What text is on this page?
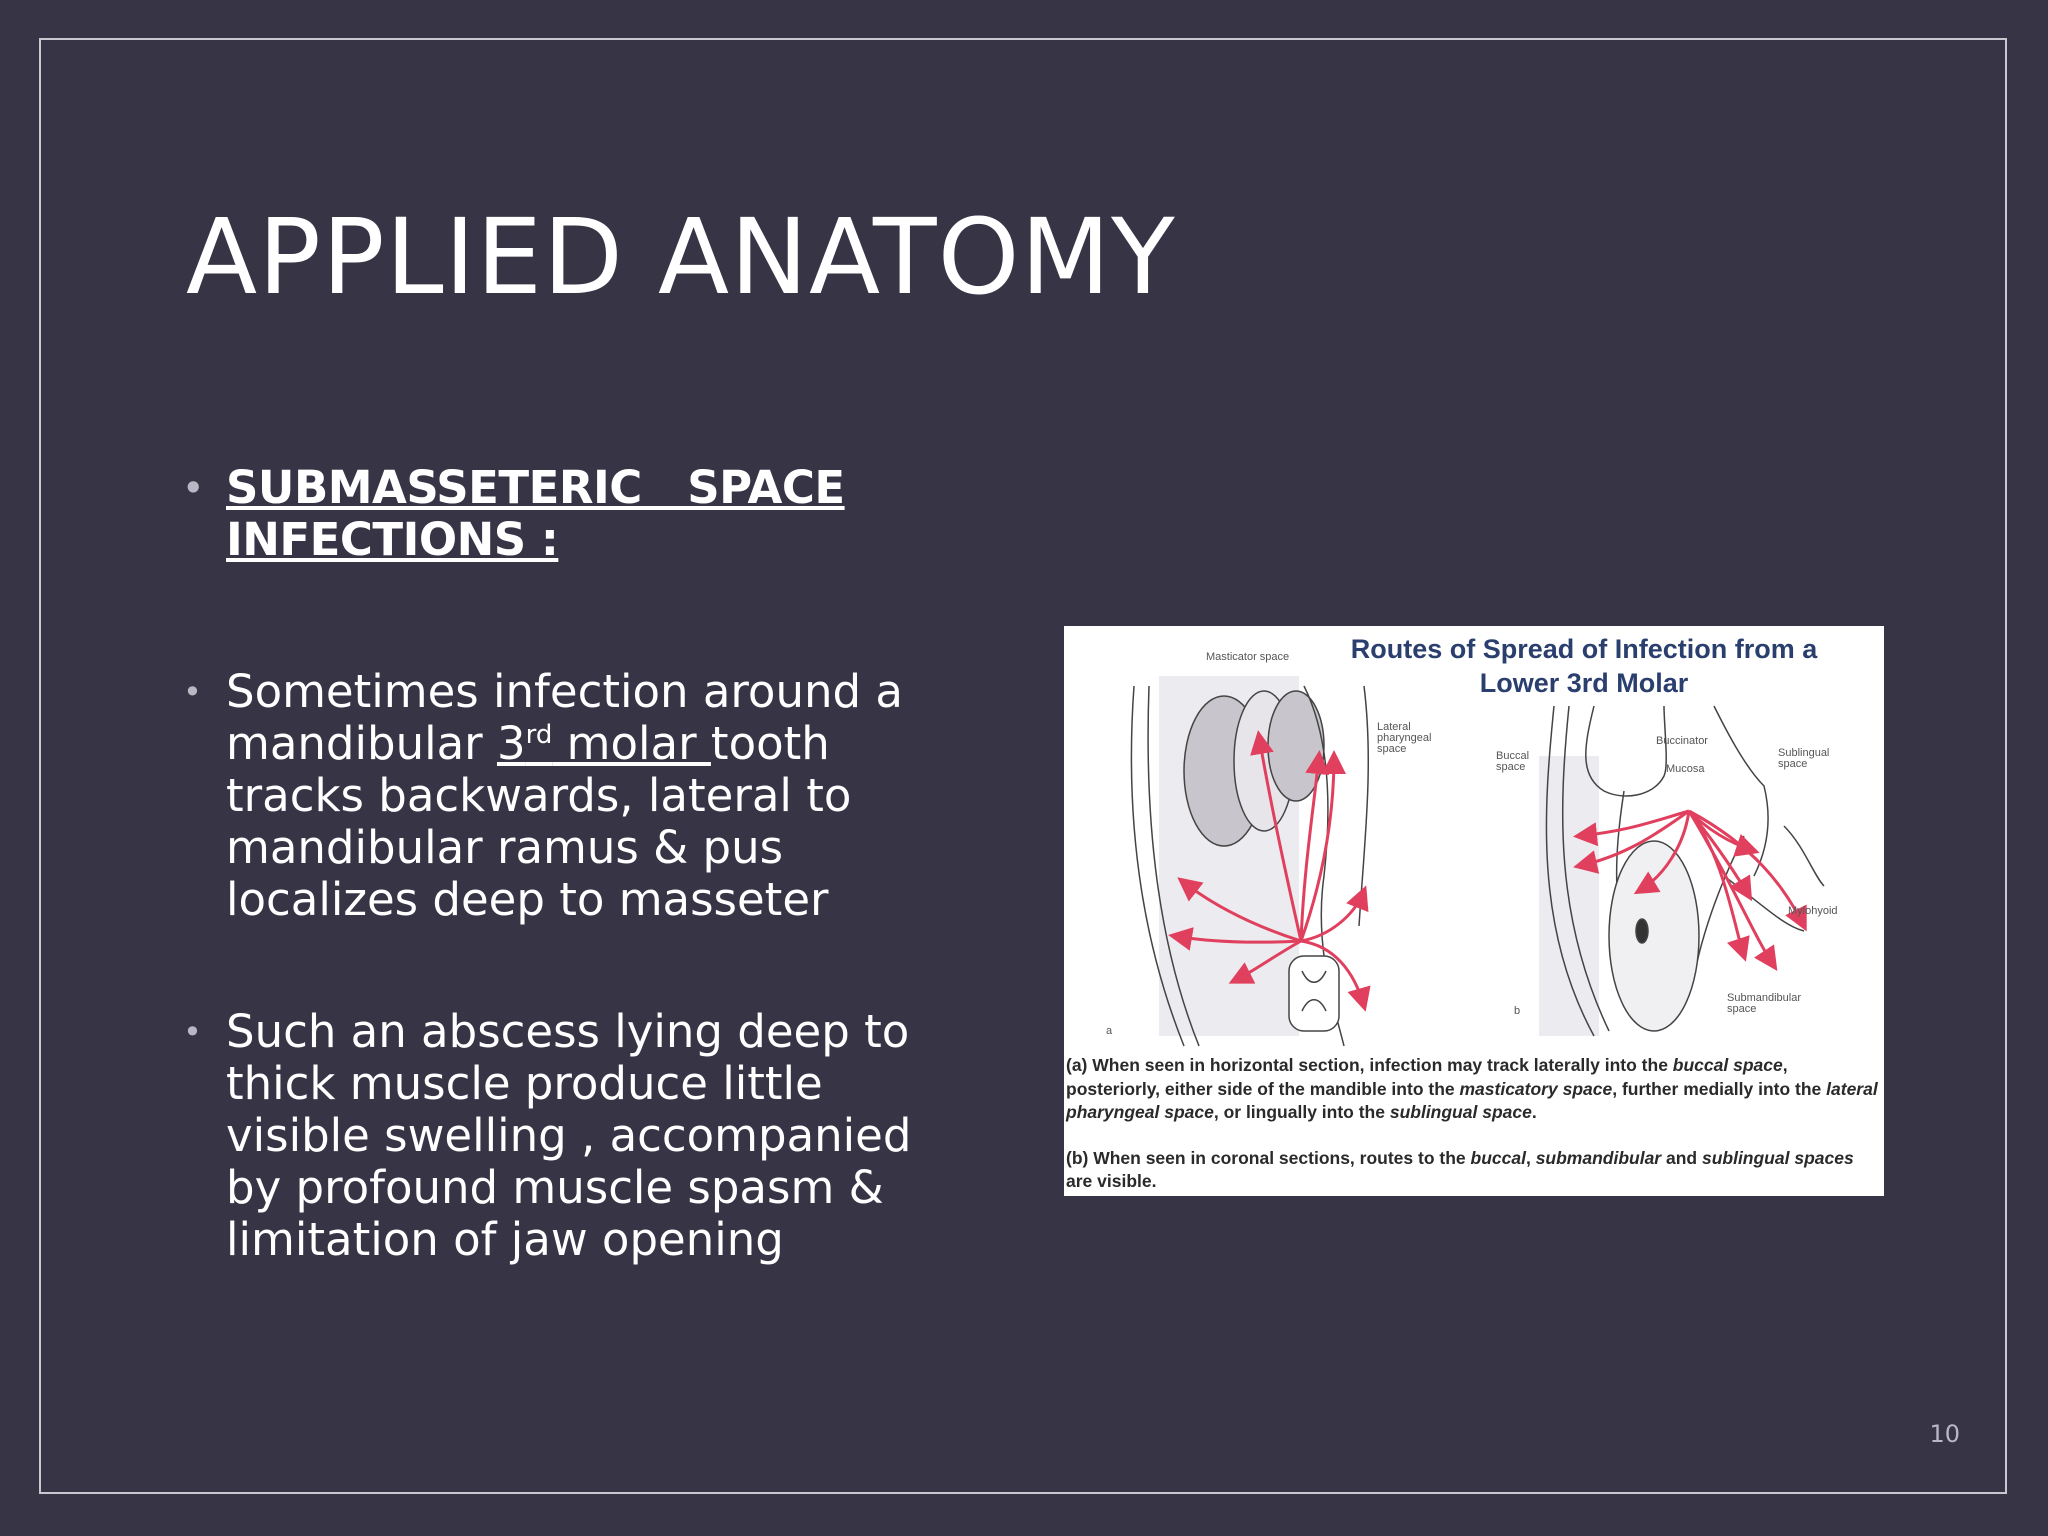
APPLIED ANATOMY
• SUBMASSETERIC   SPACE
INFECTIONS :
• Sometimes infection around a mandibular 3rd molar tooth tracks backwards, lateral to mandibular ramus & pus localizes deep to masseter
• Such an abscess lying deep to thick muscle produce little visible swelling , accompanied by profound muscle spasm & limitation of jaw opening
Masticator space
Lateral pharyngeal space
Buccal space
Buccinator
Mucosa
Sublingual space
Mylohyoid
Submandibular space
a
b
Routes of Spread of Infection from a
Lower 3rd Molar

(a) When seen in horizontal section, infection may track laterally into the buccal space, posteriorly, either side of the mandible into the masticatory space, further medially into the lateral pharyngeal space, or lingually into the sublingual space.

(b) When seen in coronal sections, routes to the buccal, submandibular and sublingual spaces are visible.

10
